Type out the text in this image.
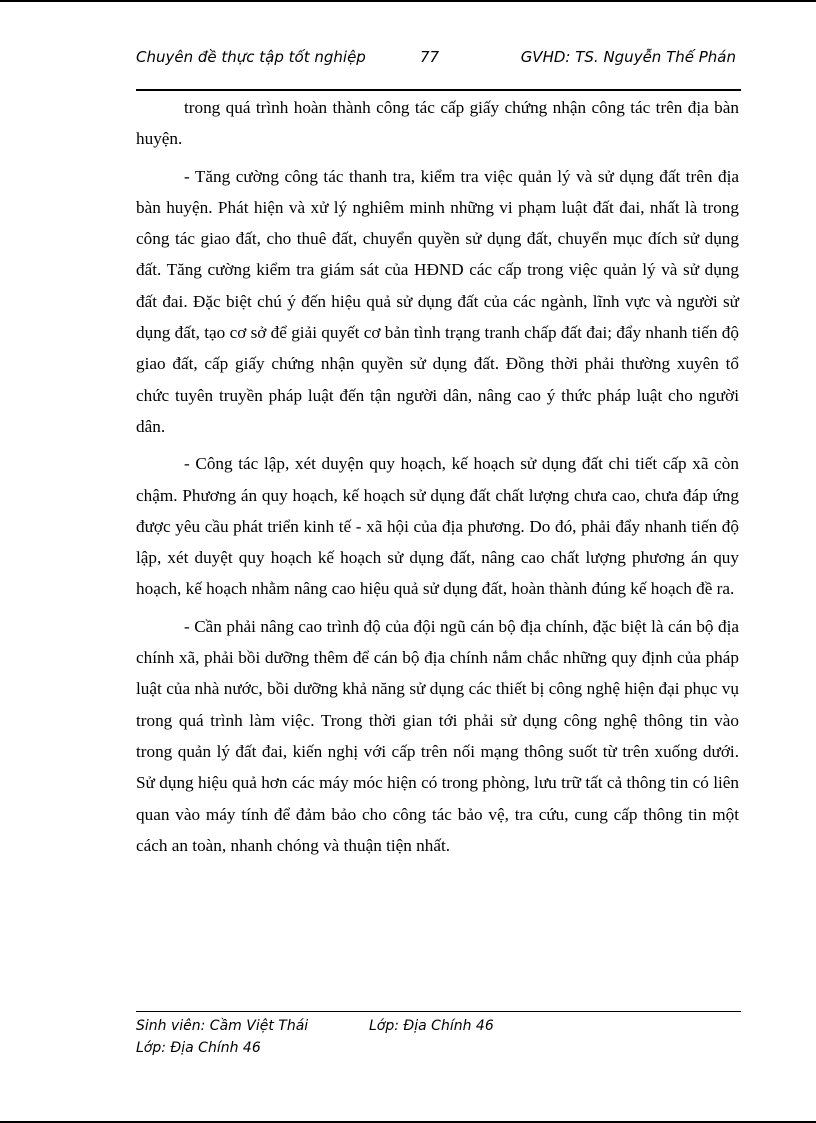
Chuyên đề thực tập tốt nghiệp	77	GVHD: TS. Nguyễn Thế Phán

trong quá trình hoàn thành công tác cấp giấy chứng nhận công tác trên địa bàn huyện.

- Tăng cường công tác thanh tra, kiểm tra việc quản lý và sử dụng đất trên địa bàn huyện. Phát hiện và xử lý nghiêm minh những vi phạm luật đất đai, nhất là trong công tác giao đất, cho thuê đất, chuyển quyền sử dụng đất, chuyển mục đích sử dụng đất. Tăng cường kiểm tra giám sát của HĐND các cấp trong việc quản lý và sử dụng đất đai. Đặc biệt chú ý đến hiệu quả sử dụng đất của các ngành, lĩnh vực và người sử dụng đất, tạo cơ sở để giải quyết cơ bản tình trạng tranh chấp đất đai; đẩy nhanh tiến độ giao đất, cấp giấy chứng nhận quyền sử dụng đất. Đồng thời phải thường xuyên tổ chức tuyên truyền pháp luật đến tận người dân, nâng cao ý thức pháp luật cho người dân.

- Công tác lập, xét duyện quy hoạch, kế hoạch sử dụng đất chi tiết cấp xã còn chậm. Phương án quy hoạch, kế hoạch sử dụng đất chất lượng chưa cao, chưa đáp ứng được yêu cầu phát triển kinh tế - xã hội của địa phương. Do đó, phải đẩy nhanh tiến độ lập, xét duyệt quy hoạch kế hoạch sử dụng đất, nâng cao chất lượng phương án quy hoạch, kế hoạch nhằm nâng cao hiệu quả sử dụng đất, hoàn thành đúng kế hoạch đề ra.

- Cần phải nâng cao trình độ của đội ngũ cán bộ địa chính, đặc biệt là cán bộ địa chính xã, phải bồi dưỡng thêm để cán bộ địa chính nắm chắc những quy định của pháp luật của nhà nước, bồi dưỡng khả năng sử dụng các thiết bị công nghệ hiện đại phục vụ trong quá trình làm việc. Trong thời gian tới phải sử dụng công nghệ thông tin vào trong quản lý đất đai, kiến nghị với cấp trên nối mạng thông suốt từ trên xuống dưới. Sử dụng hiệu quả hơn các máy móc hiện có trong phòng, lưu trữ tất cả thông tin có liên quan vào máy tính để đảm bảo cho công tác bảo vệ, tra cứu, cung cấp thông tin một cách an toàn, nhanh chóng và thuận tiện nhất.

Sinh viên: Cầm Việt Thái	Lớp: Địa Chính 46
Lớp: Địa Chính 46
